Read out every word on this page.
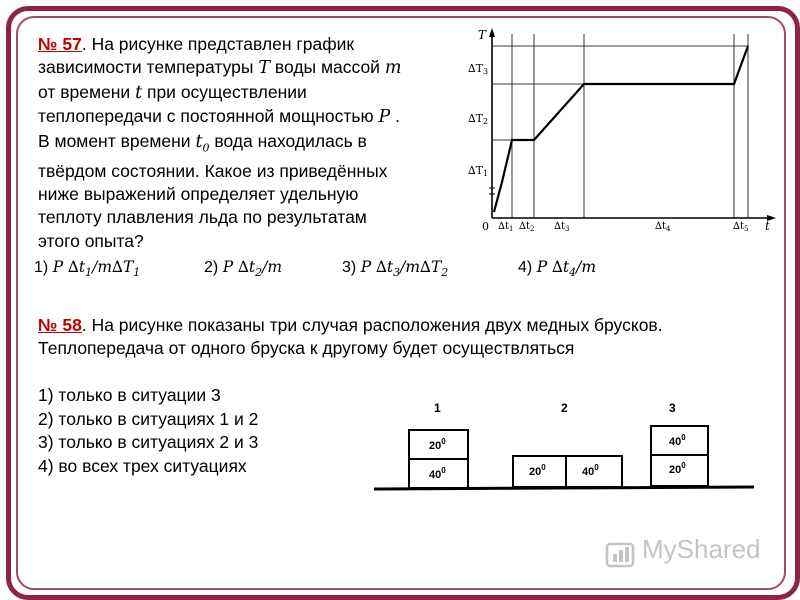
№ 57. На рисунке представлен график
зависимости температуры T воды массой m
от времени t при осуществлении
теплопередачи с постоянной мощностью P .
В момент времени $t_0$ вода находилась в
твёрдом состоянии. Какое из приведённых
ниже выражений определяет удельную
теплоту плавления льда по результатам
этого опыта?
1) P $\Delta t_1/m\Delta T_1$	2) P $\Delta t_2/m$	3) P $\Delta t_3/m\Delta T_2$	4) P $\Delta t_4/m$
T
t
0
∆T3
∆T2
∆T1
$\Delta t_1$ $\Delta t_2$ $\Delta t_3$	$\Delta t_4$	$\Delta t_5$
№ 58. На рисунке показаны три случая расположения двух медных брусков.
Теплопередача от одного бруска к другому будет осуществляться
1) только в ситуации 3
2) только в ситуациях 1 и 2
3) только в ситуациях 2 и 3
4) во всех трех ситуациях
1	2	3
$20^0$
$40^0$	$20^0$	$40^0$
$40^0$
$20^0$
MyShared
